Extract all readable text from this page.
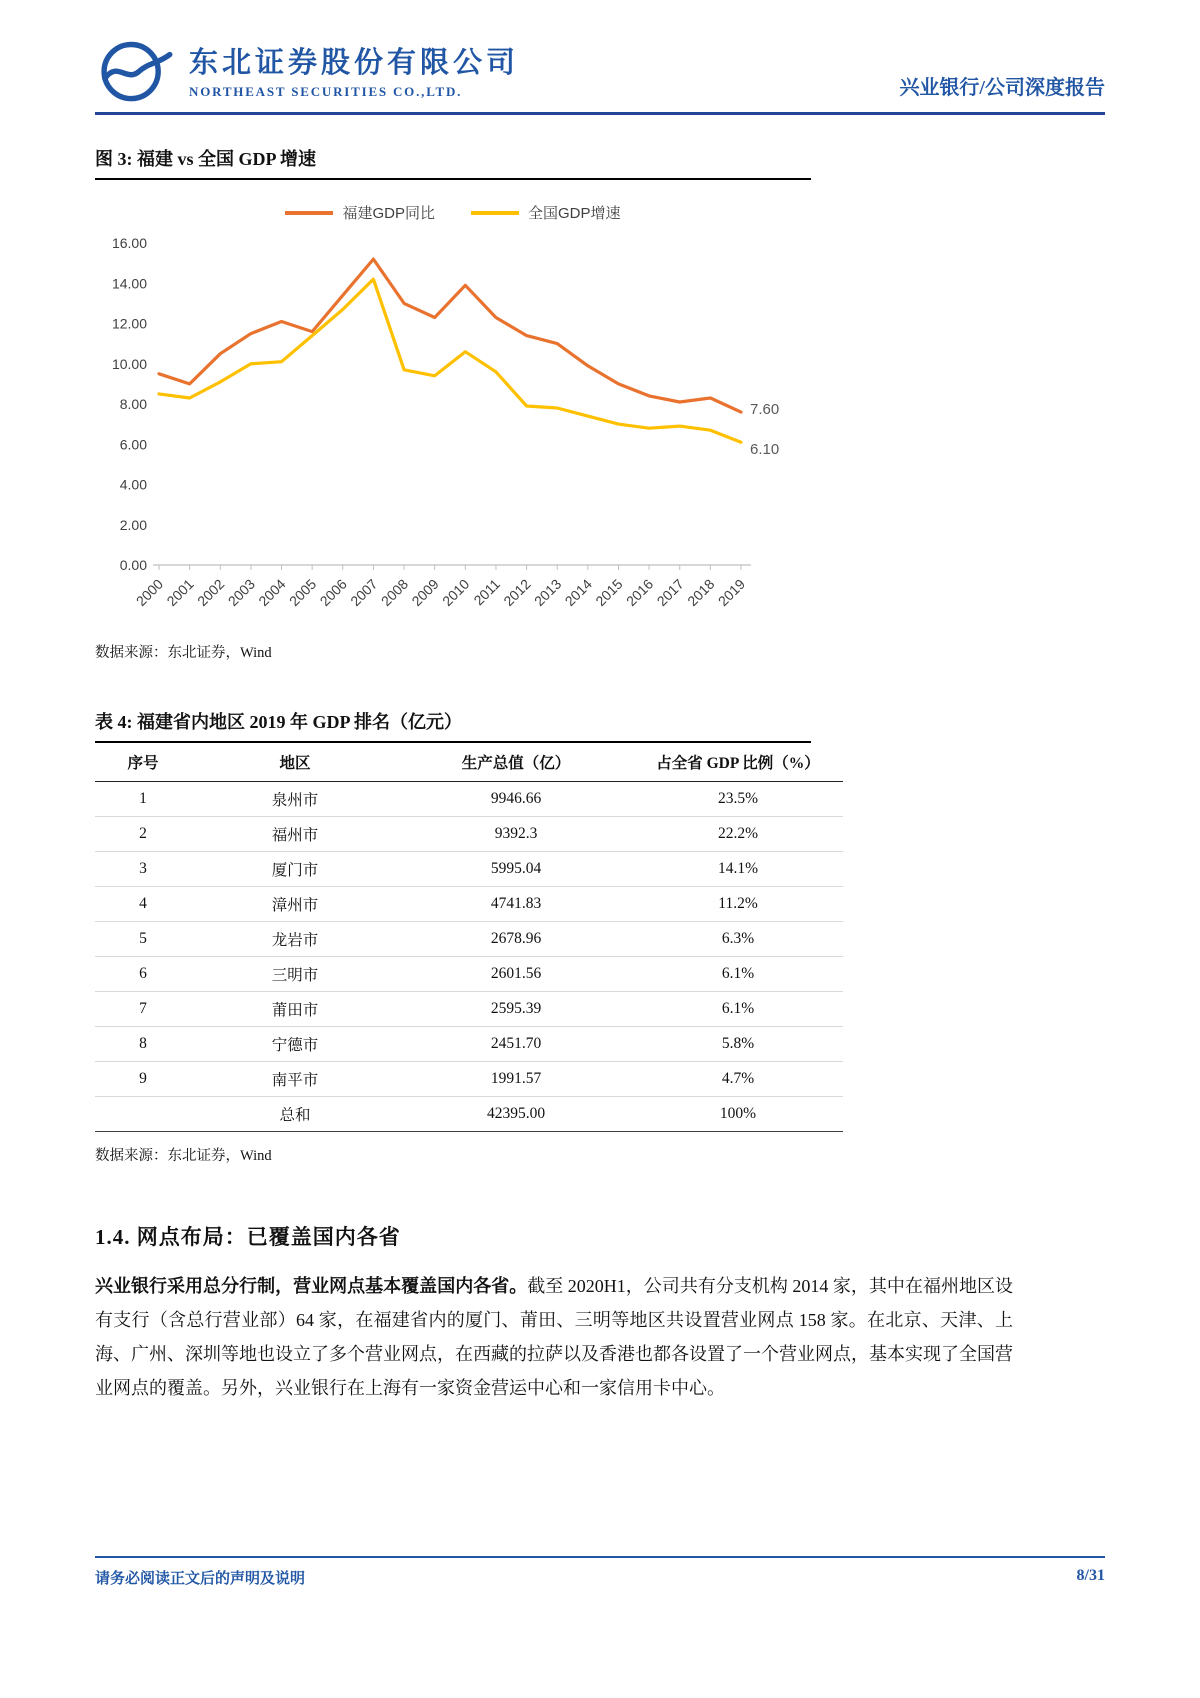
东北证券股份有限公司
NORTHEAST SECURITIES CO.,LTD.	兴业银行/公司深度报告
图 3: 福建 vs 全国 GDP 增速
福建GDP同比	全国GDP增速
0.00
2.00
4.00
6.00
8.00
10.00
12.00
14.00
16.00
2000
2001
2002
2003
2004
2005
2006
2007
2008
2009
2010
2011
2012
2013
2014
2015
2016
2017
2018
2019
7.60
6.10
数据来源：东北证券，Wind
表 4: 福建省内地区 2019 年 GDP 排名（亿元）
序号	地区	生产总值（亿）	占全省 GDP 比例（%）
1	泉州市	9946.66	23.5%
2	福州市	9392.3	22.2%
3	厦门市	5995.04	14.1%
4	漳州市	4741.83	11.2%
5	龙岩市	2678.96	6.3%
6	三明市	2601.56	6.1%
7	莆田市	2595.39	6.1%
8	宁德市	2451.70	5.8%
9	南平市	1991.57	4.7%
	总和	42395.00	100%
数据来源：东北证券，Wind
1.4. 网点布局：已覆盖国内各省

兴业银行采用总分行制，营业网点基本覆盖国内各省。截至 2020H1，公司共有分支机构 2014 家，其中在福州地区设有支行（含总行营业部）64 家，在福建省内的厦门、莆田、三明等地区共设置营业网点 158 家。在北京、天津、上海、广州、深圳等地也设立了多个营业网点，在西藏的拉萨以及香港也都各设置了一个营业网点，基本实现了全国营业网点的覆盖。另外，兴业银行在上海有一家资金营运中心和一家信用卡中心。

请务必阅读正文后的声明及说明	8/31
